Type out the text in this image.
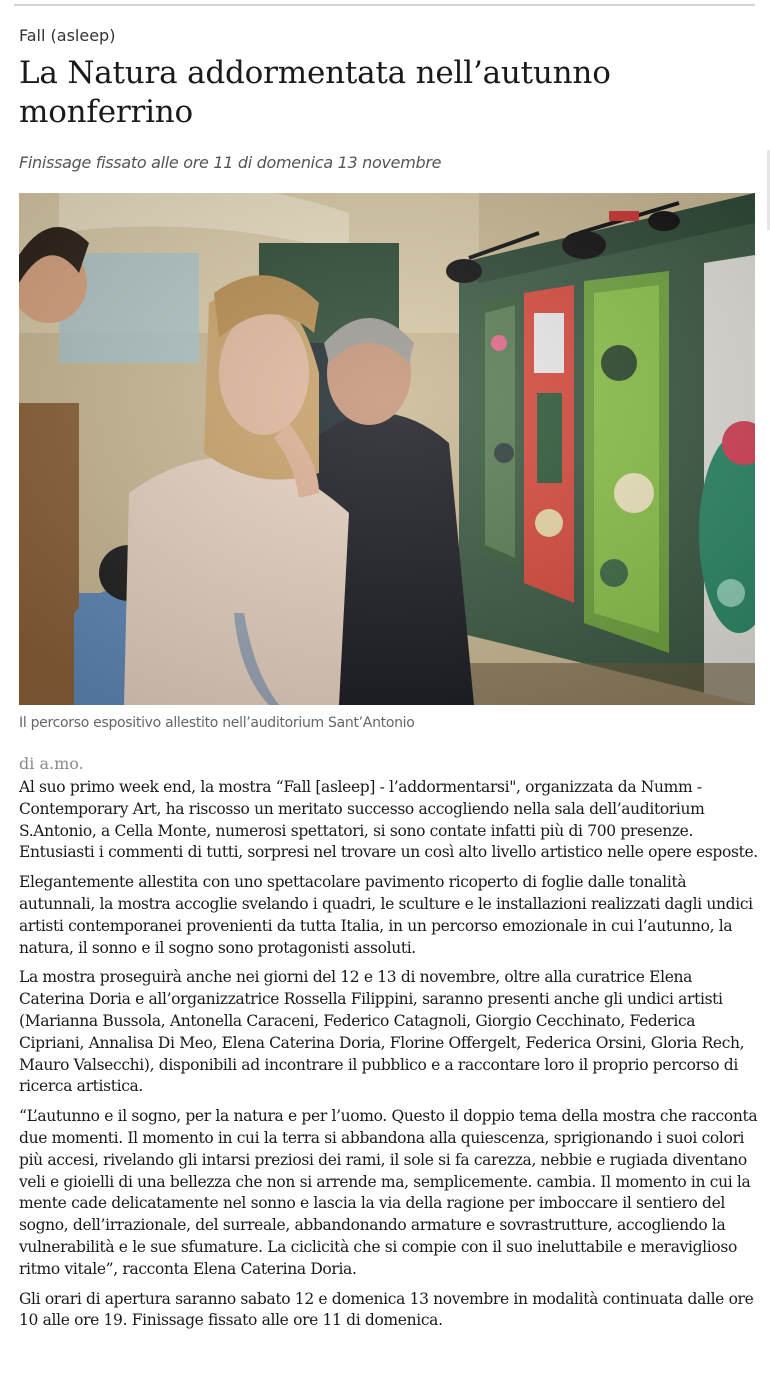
Fall (asleep)
La Natura addormentata nell’autunno monferrino
Finissage fissato alle ore 11 di domenica 13 novembre
Il percorso espositivo allestito nell’auditorium Sant’Antonio
di a.mo.

Al suo primo week end, la mostra “Fall [asleep] - l’addormentarsi", organizzata da Numm - Contemporary Art, ha riscosso un meritato successo accogliendo nella sala dell’auditorium S.Antonio, a Cella Monte, numerosi spettatori, si sono contate infatti più di 700 presenze. Entusiasti i commenti di tutti, sorpresi nel trovare un così alto livello artistico nelle opere esposte.

Elegantemente allestita con uno spettacolare pavimento ricoperto di foglie dalle tonalità autunnali, la mostra accoglie svelando i quadri, le sculture e le installazioni realizzati dagli undici artisti contemporanei provenienti da tutta Italia, in un percorso emozionale in cui l’autunno, la natura, il sonno e il sogno sono protagonisti assoluti.

La mostra proseguirà anche nei giorni del 12 e 13 di novembre, oltre alla curatrice Elena Caterina Doria e all’organizzatrice Rossella Filippini, saranno presenti anche gli undici artisti (Marianna Bussola, Antonella Caraceni, Federico Catagnoli, Giorgio Cecchinato, Federica Cipriani, Annalisa Di Meo, Elena Caterina Doria, Florine Offergelt, Federica Orsini, Gloria Rech, Mauro Valsecchi), disponibili ad incontrare il pubblico e a raccontare loro il proprio percorso di ricerca artistica.

“L’autunno e il sogno, per la natura e per l’uomo. Questo il doppio tema della mostra che racconta due momenti. Il momento in cui la terra si abbandona alla quiescenza, sprigionando i suoi colori più accesi, rivelando gli intarsi preziosi dei rami, il sole si fa carezza, nebbie e rugiada diventano veli e gioielli di una bellezza che non si arrende ma, semplicemente. cambia. Il momento in cui la mente cade delicatamente nel sonno e lascia la via della ragione per imboccare il sentiero del sogno, dell’irrazionale, del surreale, abbandonando armature e sovrastrutture, accogliendo la vulnerabilità e le sue sfumature. La ciclicità che si compie con il suo ineluttabile e meraviglioso ritmo vitale”, racconta Elena Caterina Doria.

Gli orari di apertura saranno sabato 12 e domenica 13 novembre in modalità continuata dalle ore 10 alle ore 19. Finissage fissato alle ore 11 di domenica.
